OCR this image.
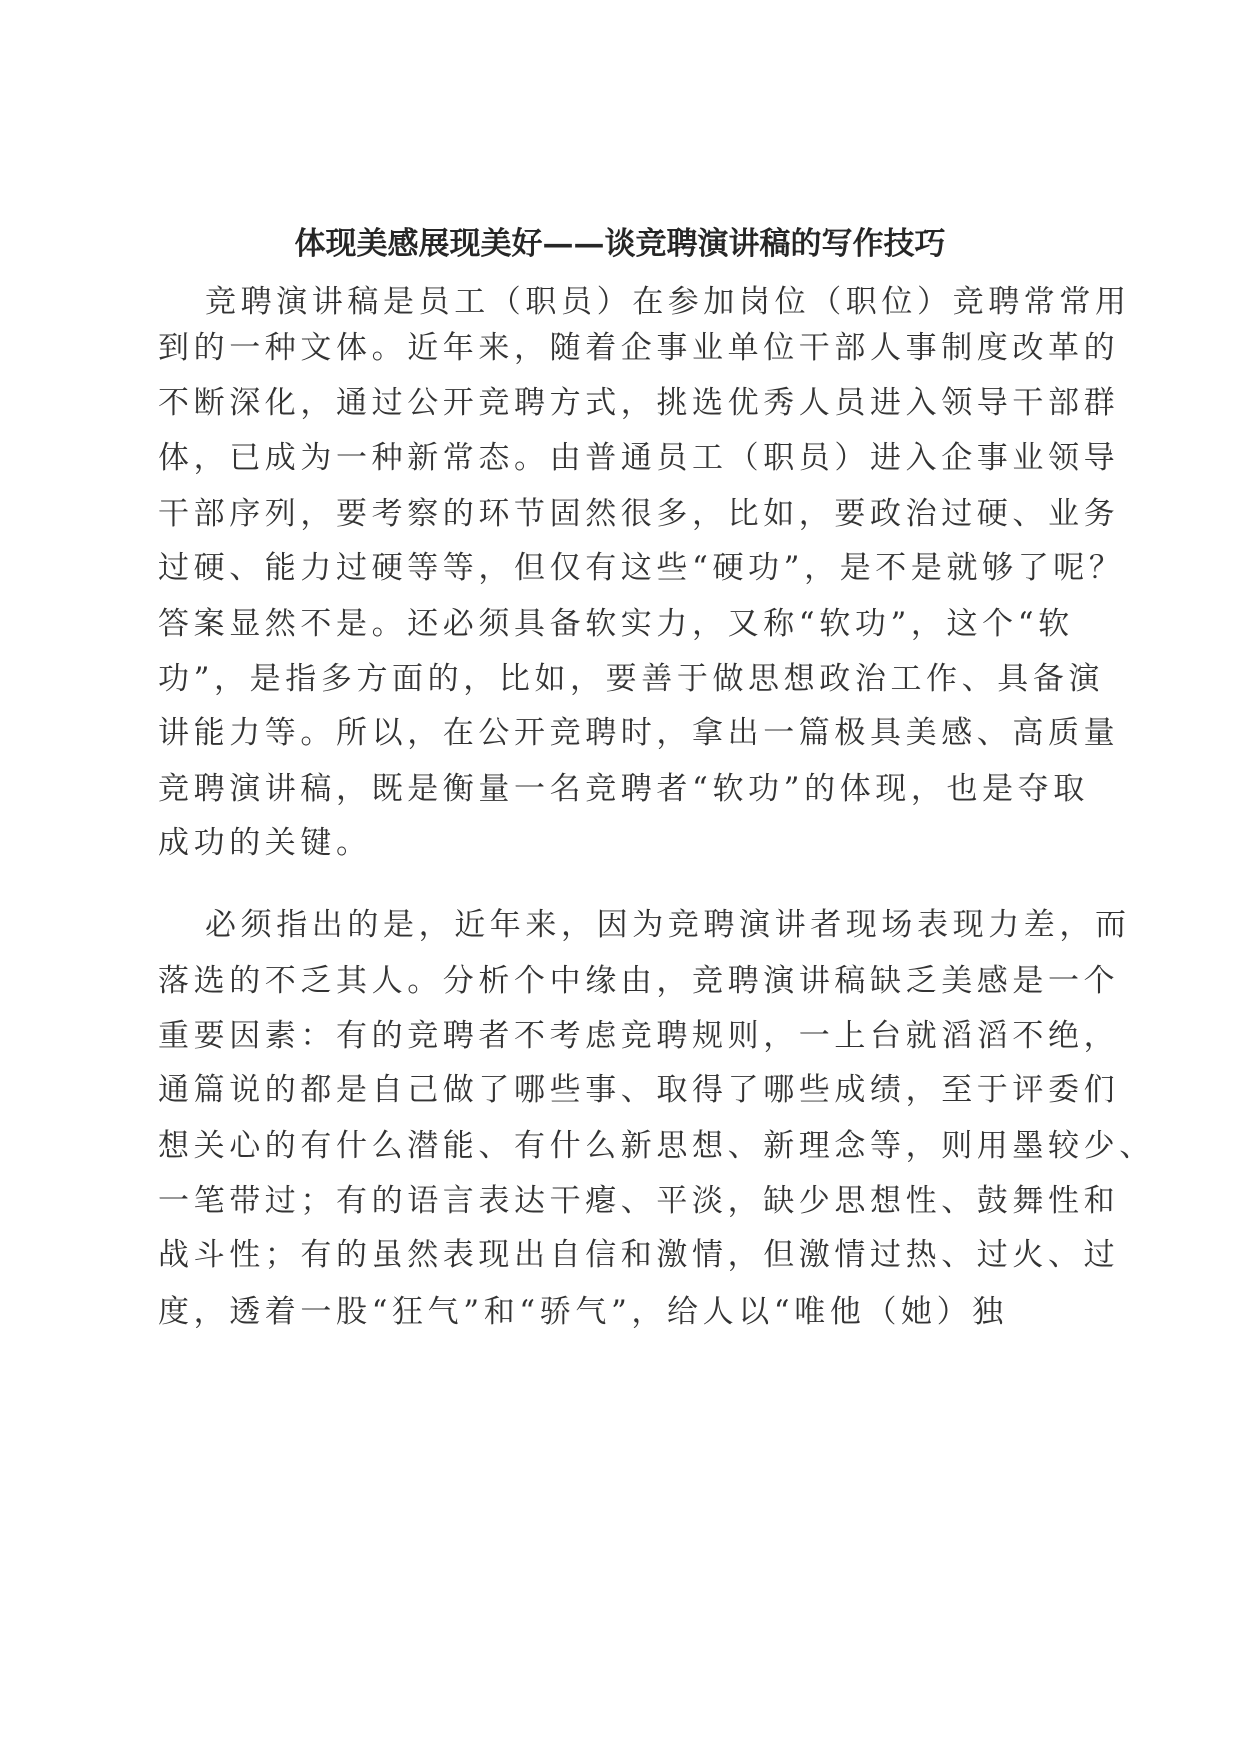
体现美感展现美好——谈竞聘演讲稿的写作技巧
竞聘演讲稿是员工（职员）在参加岗位（职位）竞聘常常用
到的一种文体。近年来，随着企事业单位干部人事制度改革的
不断深化，通过公开竞聘方式，挑选优秀人员进入领导干部群
体，已成为一种新常态。由普通员工（职员）进入企事业领导
干部序列，要考察的环节固然很多，比如，要政治过硬、业务
过硬、能力过硬等等，但仅有这些“硬功”，是不是就够了呢？
答案显然不是。还必须具备软实力，又称“软功”，这个“软
功”，是指多方面的，比如，要善于做思想政治工作、具备演
讲能力等。所以，在公开竞聘时，拿出一篇极具美感、高质量
竞聘演讲稿，既是衡量一名竞聘者“软功”的体现，也是夺取
成功的关键。
必须指出的是，近年来，因为竞聘演讲者现场表现力差，而
落选的不乏其人。分析个中缘由，竞聘演讲稿缺乏美感是一个
重要因素：有的竞聘者不考虑竞聘规则，一上台就滔滔不绝，
通篇说的都是自己做了哪些事、取得了哪些成绩，至于评委们
想关心的有什么潜能、有什么新思想、新理念等，则用墨较少、
一笔带过；有的语言表达干瘪、平淡，缺少思想性、鼓舞性和
战斗性；有的虽然表现出自信和激情，但激情过热、过火、过
度，透着一股“狂气”和“骄气”，给人以“唯他（她）独
